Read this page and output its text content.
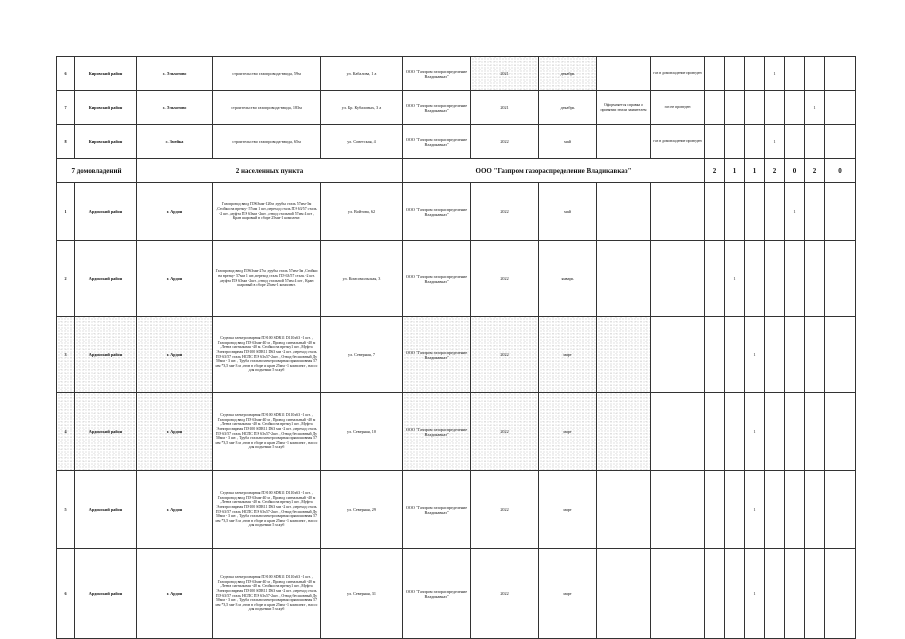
6	Кировский район	с. Эльхотово	строительство газопровода-ввода, 59м	ул. Кабалова, 1 а	ООО "Газпром газораспределение Владикавказ"	2021	декабрь		газ в домовладение проведен				1			
7	Кировский район	с. Эльхотово	строительство газопровода-ввода, 183м	ул. Бр. Кубаловых, 3 а	ООО "Газпром газораспределение Владикавказ"	2021	декабрь	Оформляется справка о принятии земли заявителем	газ не проведен						1	
8	Кировский район	с. Змейка	строительство газопровода-ввода, 65м	ул. Советская, 4	ООО "Газпром газораспределение Владикавказ"	2022	май		газ в домовладение проведен				1			
7 домовладений		2 населенных пункта			ООО "Газпром газораспределение Владикавказ"					2	1	1	2	0	2	0
1	Ардонский район	г. Ардон	Газопровод ввод ПЭ63мм-120м ,трубы сталь 57мм-3м ,Стойки на врезку- 57мм 1 шт.,переход сталь ПЭ 63/57 сталь -2 шт. ,муфта ПЭ 63мм -2шт. ,отвод стальной 57мм 4 шт , Кран шаровый в сборе 25мм-1 комплект.	ул. Войтова, 62	ООО "Газпром газораспределение Владикавказ"	2022	май							1		
2	Ардонский район	г. Ардон	Газопровод ввод ПЭ63мм-27м ,трубы сталь 57мм-3м ,Стойки на врезку- 57мм 1 шт.,переход сталь ПЭ 63/57 сталь -2 шт. ,муфта ПЭ 63мм -2шт. ,отвод стальной 57мм 4 шт , Кран шаровый в сборе 25мм-1 комплект.	ул. Комсомольская, 3	ООО "Газпром газораспределение Владикавказ"	2022	январь				1					
3	Ардонский район	г. Ардон	Седелка электросварная ПЭ100 SDR11 D110х63 -1 шт. , Газопровод ввод ПЭ 63мм-40 м , Провод сигнальный -40 м ,Лента сигнальная -40 м. Стойки на врезку1 шт. ,Муфта Электросварная ПЭ100 SDR11 D63 мм -2 шт. ,переход сталь ПЭ 63/57 сталь НСПС ПЭ 63х57-2шт. , Отвод бесшовный Ду 50мм - 3 шт. , Труба стальноэлектросварная прямошовная 57 мм *3,5 мм-3 м ,отов в сборе и кран 25мм -1 комплект , насос для подъемки 5 м.куб	ул. Северная, 7	ООО "Газпром газораспределение Владикавказ"	2022	март					1				
4	Ардонский район	г. Ардон	Седелка электросварная ПЭ100 SDR11 D110х63 -1 шт. , Газопровод ввод ПЭ 63мм-40 м , Провод сигнальный -40 м ,Лента сигнальная -40 м. Стойки на врезку1 шт. ,Муфта Электросварная ПЭ100 SDR11 D63 мм -2 шт. ,переход сталь ПЭ 63/57 сталь НСПС ПЭ 63х57-2шт. , Отвод бесшовный Ду 50мм - 3 шт. , Труба стальноэлектросварная прямошовная 57 мм *3,5 мм-3 м ,отов в сборе и кран 25мм -1 комплект , насос для подъемки 5 м.куб	ул. Северная, 10	ООО "Газпром газораспределение Владикавказ"	2022	март					1				
5	Ардонский район	г. Ардон	Седелка электросварная ПЭ100 SDR11 D110х63 -1 шт. , Газопровод ввод ПЭ 63мм-40 м , Провод сигнальный -40 м ,Лента сигнальная -40 м. Стойки на врезку1 шт. ,Муфта Электросварная ПЭ100 SDR11 D63 мм -2 шт. ,переход сталь ПЭ 63/57 сталь НСПС ПЭ 63х57-2шт. , Отвод бесшовный Ду 50мм - 3 шт. , Труба стальноэлектросварная прямошовная 57 мм *3,5 мм-3 м ,отов в сборе и кран 25мм -1 комплект , насос для подъемки 5 м.куб	ул. Северная, 29	ООО "Газпром газораспределение Владикавказ"	2022	март					1				
6	Ардонский район	г. Ардон	Седелка электросварная ПЭ100 SDR11 D110х63 -1 шт. , Газопровод ввод ПЭ 63мм-40 м , Провод сигнальный -40 м ,Лента сигнальная -40 м. Стойки на врезку1 шт. ,Муфта Электросварная ПЭ100 SDR11 D63 мм -2 шт. ,переход сталь ПЭ 63/57 сталь НСПС ПЭ 63х57-2шт. , Отвод бесшовный Ду 50мм - 3 шт. , Труба стальноэлектросварная прямошовная 57 мм *3,5 мм-3 м ,отов в сборе и кран 25мм -1 комплект , насос для подъемки 5 м.куб	ул. Северная, 31	ООО "Газпром газораспределение Владикавказ"	2022	март					1				
